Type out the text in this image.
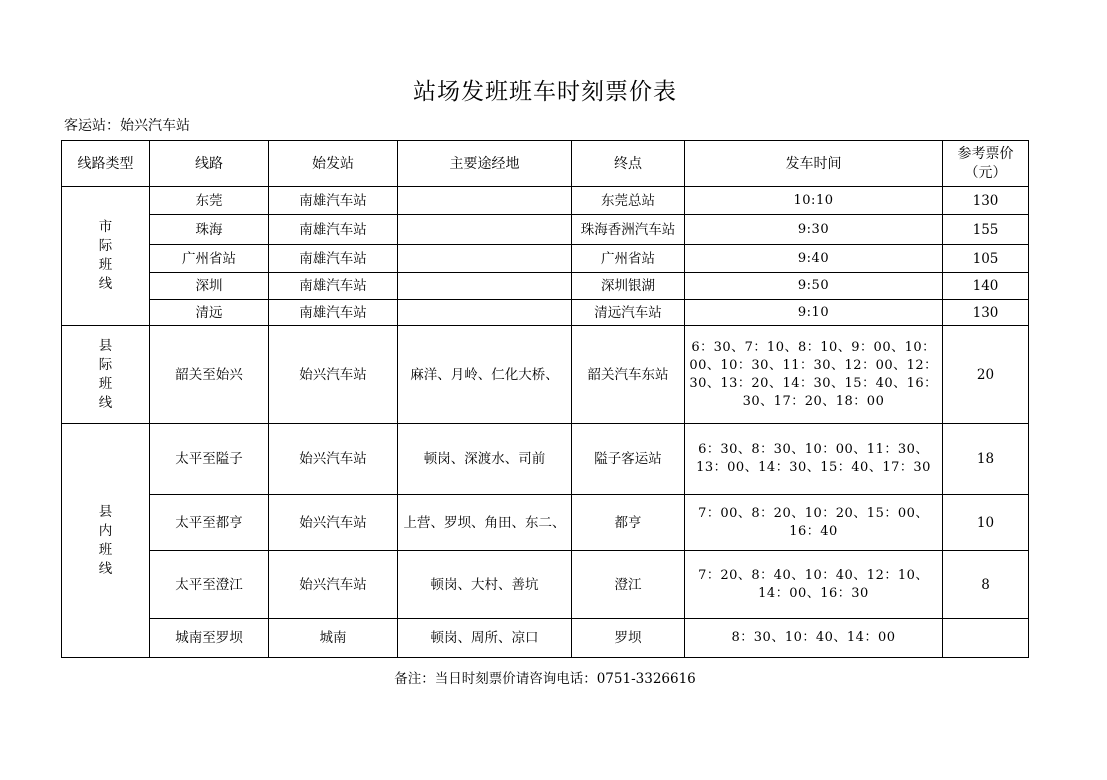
站场发班班车时刻票价表
客运站：始兴汽车站
线路类型	线路	始发站	主要途经地	终点	发车时间	参考票价（元）
市际班线	东莞	南雄汽车站		东莞总站	10:10	130
	珠海	南雄汽车站		珠海香洲汽车站	9:30	155
	广州省站	南雄汽车站		广州省站	9:40	105
	深圳	南雄汽车站		深圳银湖	9:50	140
	清远	南雄汽车站		清远汽车站	9:10	130
县际班线	韶关至始兴	始兴汽车站	麻洋、月岭、仁化大桥、	韶关汽车东站	6：30、7：10、8：10、9：00、10：00、10：30、11：30、12：00、12：30、13：20、14：30、15：40、16：30、17：20、18：00	20
县内班线	太平至隘子	始兴汽车站	顿岗、深渡水、司前	隘子客运站	6：30、8：30、10：00、11：30、13：00、14：30、15：40、17：30	18
	太平至都亨	始兴汽车站	上营、罗坝、角田、东二、	都亨	7：00、8：20、10：20、15：00、16：40	10
	太平至澄江	始兴汽车站	顿岗、大村、善坑	澄江	7：20、8：40、10：40、12：10、14：00、16：30	8
	城南至罗坝	城南	顿岗、周所、凉口	罗坝	8：30、10：40、14：00	
备注：当日时刻票价请咨询电话：0751-3326616
